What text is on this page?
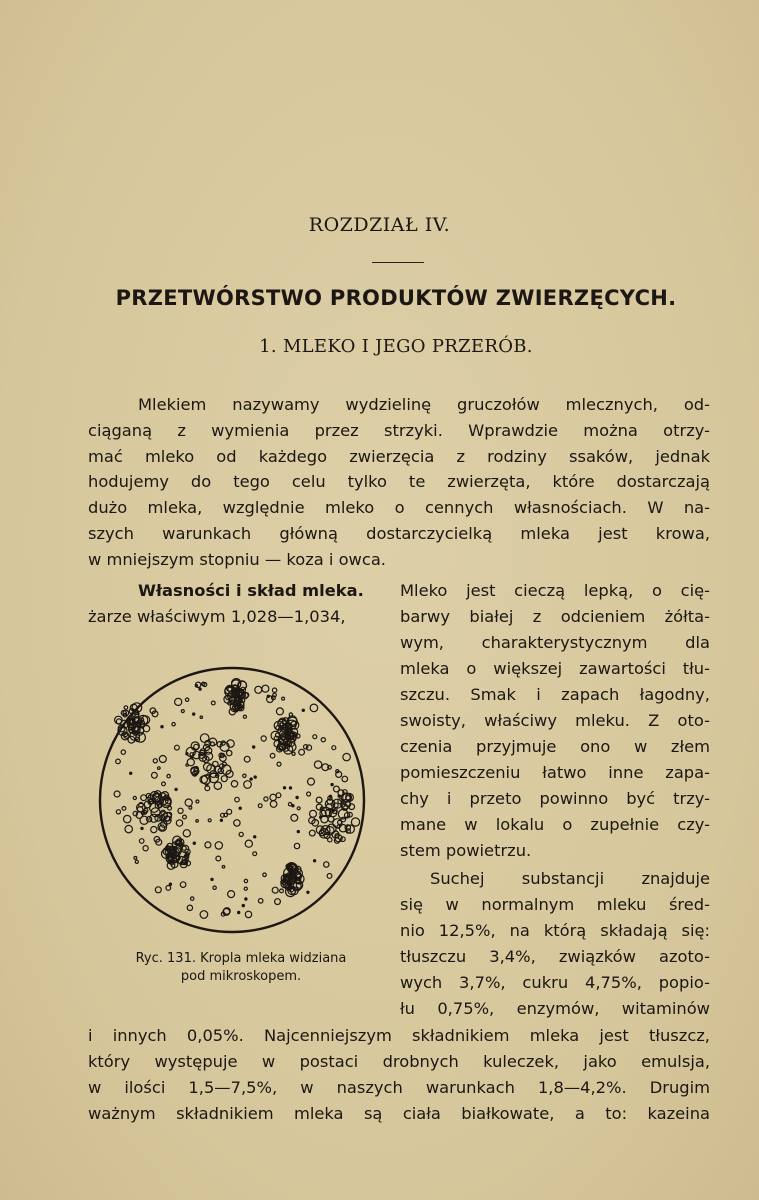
ROZDZIAŁ IV.
PRZETWÓRSTWO PRODUKTÓW ZWIERZĘCYCH.
1. MLEKO I JEGO PRZERÓB.
Mlekiem nazywamy wydzielinę gruczołów mlecznych, od-
ciąganą z wymienia przez strzyki. Wprawdzie można otrzy-
mać mleko od każdego zwierzęcia z rodziny ssaków, jednak
hodujemy do tego celu tylko te zwierzęta, które dostarczają
dużo mleka, względnie mleko o cennych własnościach. W na-
szych warunkach główną dostarczycielką mleka jest krowa,
w mniejszym stopniu — koza i owca.
Własności i skład mleka. Mleko jest cieczą lepką, o cię-
żarze właściwym 1,028—1,034,	barwy białej z odcieniem żółta-
wym, charakterystycznym dla
mleka o większej zawartości tłu-
szczu. Smak i zapach łagodny,
swoisty, właściwy mleku. Z oto-
czenia przyjmuje ono w złem
pomieszczeniu łatwo inne zapa-
chy i przeto powinno być trzy-
mane w lokalu o zupełnie czy-
stem powietrzu.
Suchej substancji znajduje
się w normalnym mleku śred-
nio 12,5%, na którą składają się:
tłuszczu 3,4%, związków azoto-
wych 3,7%, cukru 4,75%, popio-
łu 0,75%, enzymów, witaminów
i innych 0,05%. Najcenniejszym składnikiem mleka jest tłuszcz,
który występuje w postaci drobnych kuleczek, jako emulsja,
w ilości 1,5—7,5%, w naszych warunkach 1,8—4,2%. Drugim
ważnym składnikiem mleka są ciała białkowate, a to: kazeina
Ryc. 131. Kropla mleka widziana
pod mikroskopem.
